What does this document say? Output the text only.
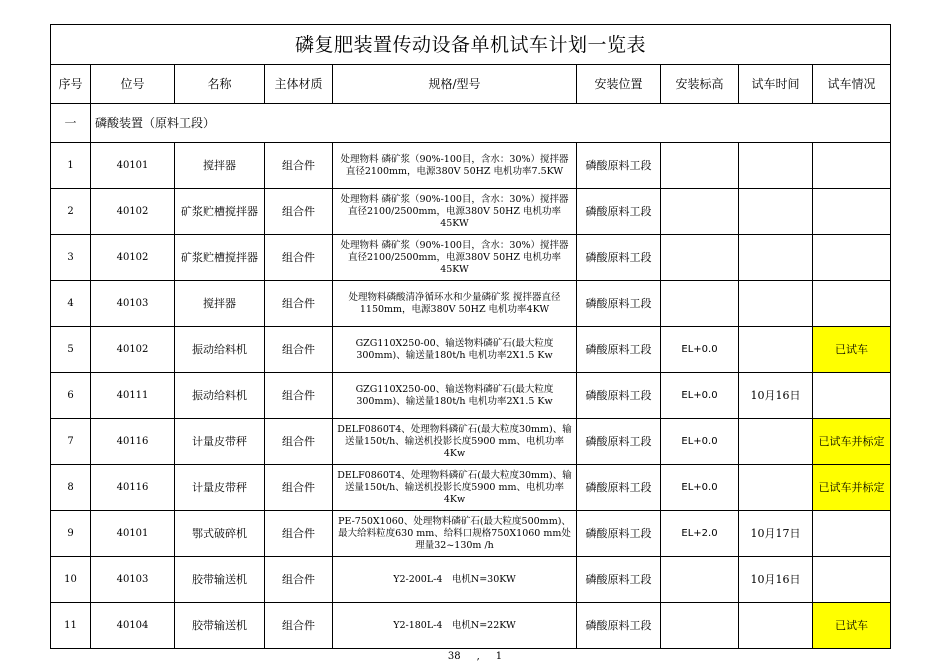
磷复肥装置传动设备单机试车计划一览表								
序号	位号	名称	主体材质	规格/型号	安装位置	安装标高	试车时间	试车情况
一	磷酸装置（原料工段）							
1	40101	搅拌器	组合件	处理物料 磷矿浆（90%-100目，含水：30%）搅拌器直径2100mm，电源380V 50HZ 电机功率7.5KW	磷酸原料工段			
2	40102	矿浆贮槽搅拌器	组合件	处理物料 磷矿浆（90%-100目，含水：30%）搅拌器直径2100/2500mm，电源380V 50HZ 电机功率45KW	磷酸原料工段			
3	40102	矿浆贮槽搅拌器	组合件	处理物料 磷矿浆（90%-100目，含水：30%）搅拌器直径2100/2500mm，电源380V 50HZ 电机功率45KW	磷酸原料工段			
4	40103	搅拌器	组合件	处理物料磷酸清净循环水和少量磷矿浆 搅拌器直径1150mm，电源380V 50HZ 电机功率4KW	磷酸原料工段			
5	40102	振动给料机	组合件	GZG110X250-00、输送物料磷矿石(最大粒度300mm)、输送量180t/h 电机功率2X1.5 Kw	磷酸原料工段	EL+0.0		已试车
6	40111	振动给料机	组合件	GZG110X250-00、输送物料磷矿石(最大粒度300mm)、输送量180t/h 电机功率2X1.5 Kw	磷酸原料工段	EL+0.0	10月16日	
7	40116	计量皮带秤	组合件	DELF0860T4、处理物料磷矿石(最大粒度30mm)、输送量150t/h、输送机投影长度5900 mm、电机功率4Kw	磷酸原料工段	EL+0.0		已试车并标定
8	40116	计量皮带秤	组合件	DELF0860T4、处理物料磷矿石(最大粒度30mm)、输送量150t/h、输送机投影长度5900 mm、电机功率4Kw	磷酸原料工段	EL+0.0		已试车并标定
9	40101	鄂式破碎机	组合件	PE-750X1060、处理物料磷矿石(最大粒度500mm)、最大给料粒度630 mm、给料口规格750X1060 mm处理量32~130m /h	磷酸原料工段	EL+2.0	10月17日	
10	40103	胶带输送机	组合件	Y2-200L-4　电机N=30KW	磷酸原料工段		10月16日	
11	40104	胶带输送机	组合件	Y2-180L-4　电机N=22KW	磷酸原料工段			已试车
38 , 1
